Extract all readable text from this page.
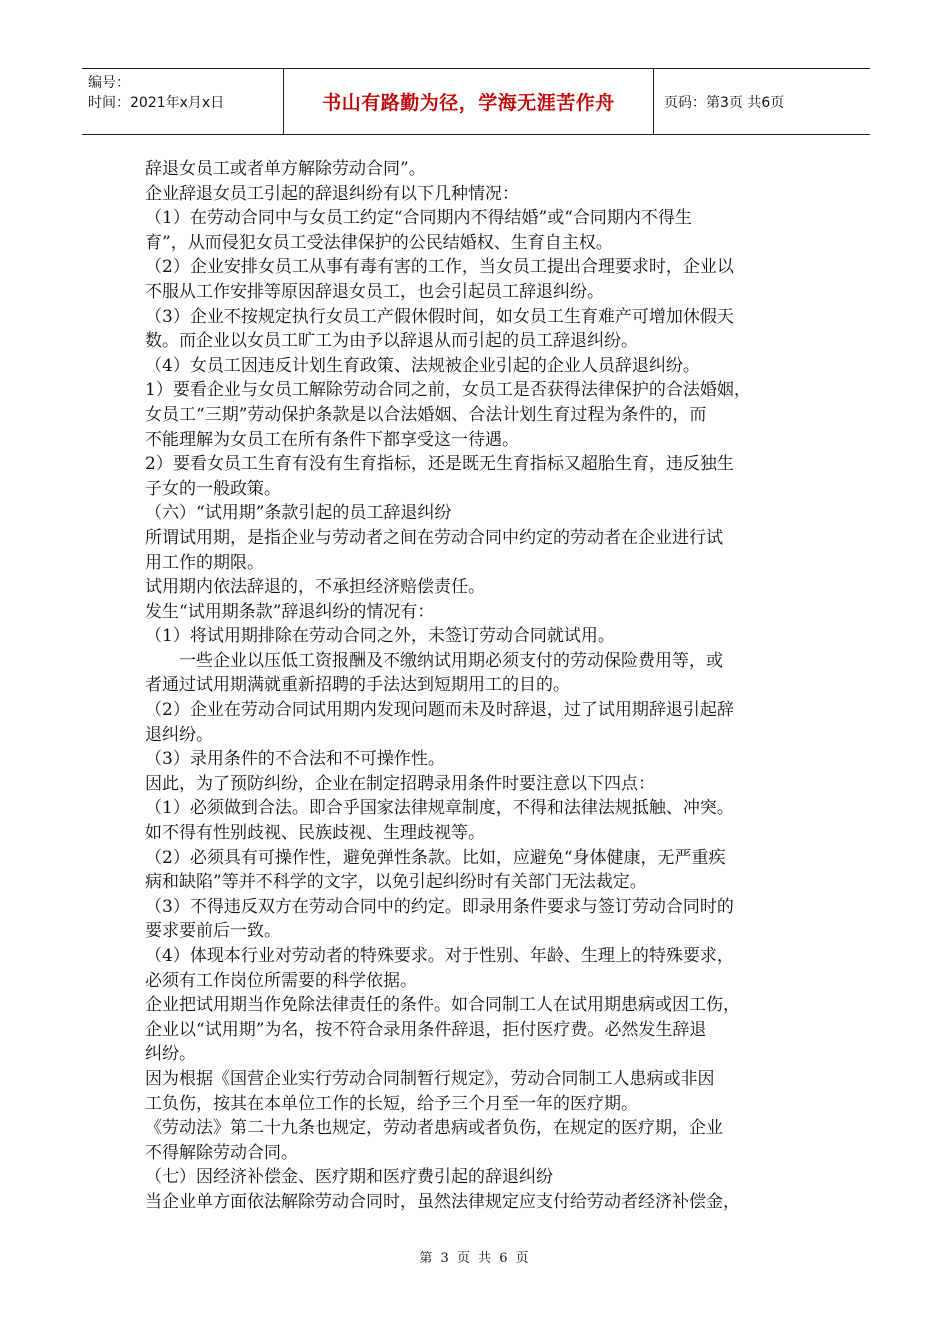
编号：
时间：2021年x月x日	书山有路勤为径，学海无涯苦作舟	页码：第3页 共6页

辞退女员工或者单方解除劳动合同”。

企业辞退女员工引起的辞退纠纷有以下几种情况：

（1）在劳动合同中与女员工约定“合同期内不得结婚”或“合同期内不得生

育”，从而侵犯女员工受法律保护的公民结婚权、生育自主权。

（2）企业安排女员工从事有毒有害的工作，当女员工提出合理要求时，企业以

不服从工作安排等原因辞退女员工，也会引起员工辞退纠纷。

（3）企业不按规定执行女员工产假休假时间，如女员工生育难产可增加休假天

数。而企业以女员工旷工为由予以辞退从而引起的员工辞退纠纷。

（4）女员工因违反计划生育政策、法规被企业引起的企业人员辞退纠纷。

1）要看企业与女员工解除劳动合同之前，女员工是否获得法律保护的合法婚姻，

女员工“三期”劳动保护条款是以合法婚姻、合法计划生育过程为条件的，而

不能理解为女员工在所有条件下都享受这一待遇。

2）要看女员工生育有没有生育指标，还是既无生育指标又超胎生育，违反独生

子女的一般政策。

（六）“试用期”条款引起的员工辞退纠纷

所谓试用期，是指企业与劳动者之间在劳动合同中约定的劳动者在企业进行试

用工作的期限。

试用期内依法辞退的，不承担经济赔偿责任。

发生“试用期条款”辞退纠纷的情况有：

（1）将试用期排除在劳动合同之外，未签订劳动合同就试用。

一些企业以压低工资报酬及不缴纳试用期必须支付的劳动保险费用等，或

者通过试用期满就重新招聘的手法达到短期用工的目的。

（2）企业在劳动合同试用期内发现问题而未及时辞退，过了试用期辞退引起辞

退纠纷。

（3）录用条件的不合法和不可操作性。

因此，为了预防纠纷，企业在制定招聘录用条件时要注意以下四点：

（1）必须做到合法。即合乎国家法律规章制度，不得和法律法规抵触、冲突。

如不得有性别歧视、民族歧视、生理歧视等。

（2）必须具有可操作性，避免弹性条款。比如，应避免“身体健康，无严重疾

病和缺陷”等并不科学的文字，以免引起纠纷时有关部门无法裁定。

（3）不得违反双方在劳动合同中的约定。即录用条件要求与签订劳动合同时的

要求要前后一致。

（4）体现本行业对劳动者的特殊要求。对于性别、年龄、生理上的特殊要求，

必须有工作岗位所需要的科学依据。

企业把试用期当作免除法律责任的条件。如合同制工人在试用期患病或因工伤，

企业以“试用期”为名，按不符合录用条件辞退，拒付医疗费。必然发生辞退

纠纷。

因为根据《国营企业实行劳动合同制暂行规定》，劳动合同制工人患病或非因

工负伤，按其在本单位工作的长短，给予三个月至一年的医疗期。

《劳动法》第二十九条也规定，劳动者患病或者负伤，在规定的医疗期，企业

不得解除劳动合同。

（七）因经济补偿金、医疗期和医疗费引起的辞退纠纷

当企业单方面依法解除劳动合同时，虽然法律规定应支付给劳动者经济补偿金，

第 3 页 共 6 页
